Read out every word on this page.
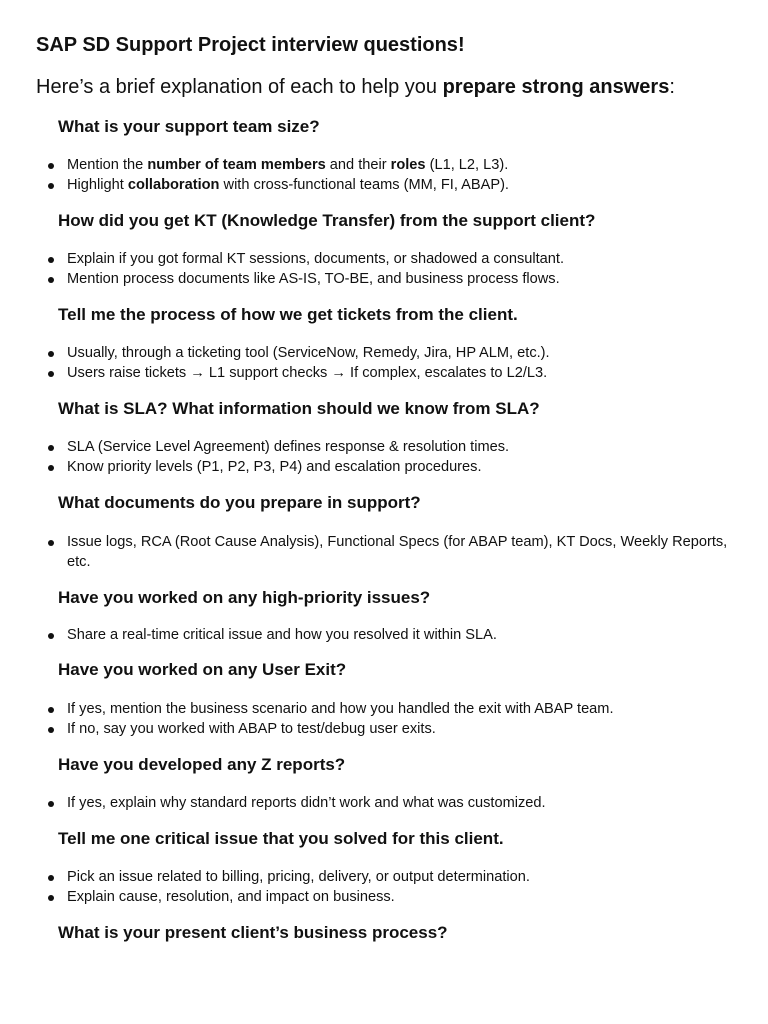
SAP SD Support Project interview questions!

Here’s a brief explanation of each to help you prepare strong answers:

What is your support team size?
Mention the number of team members and their roles (L1, L2, L3).
Highlight collaboration with cross-functional teams (MM, FI, ABAP).
How did you get KT (Knowledge Transfer) from the support client?
Explain if you got formal KT sessions, documents, or shadowed a consultant.
Mention process documents like AS-IS, TO-BE, and business process flows.
Tell me the process of how we get tickets from the client.
Usually, through a ticketing tool (ServiceNow, Remedy, Jira, HP ALM, etc.).
Users raise tickets → L1 support checks → If complex, escalates to L2/L3.
What is SLA? What information should we know from SLA?
SLA (Service Level Agreement) defines response & resolution times.
Know priority levels (P1, P2, P3, P4) and escalation procedures.
What documents do you prepare in support?
Issue logs, RCA (Root Cause Analysis), Functional Specs (for ABAP team), KT Docs, Weekly Reports, etc.
Have you worked on any high-priority issues?
Share a real-time critical issue and how you resolved it within SLA.
Have you worked on any User Exit?
If yes, mention the business scenario and how you handled the exit with ABAP team.
If no, say you worked with ABAP to test/debug user exits.
Have you developed any Z reports?
If yes, explain why standard reports didn’t work and what was customized.
Tell me one critical issue that you solved for this client.
Pick an issue related to billing, pricing, delivery, or output determination.
Explain cause, resolution, and impact on business.
What is your present client’s business process?
